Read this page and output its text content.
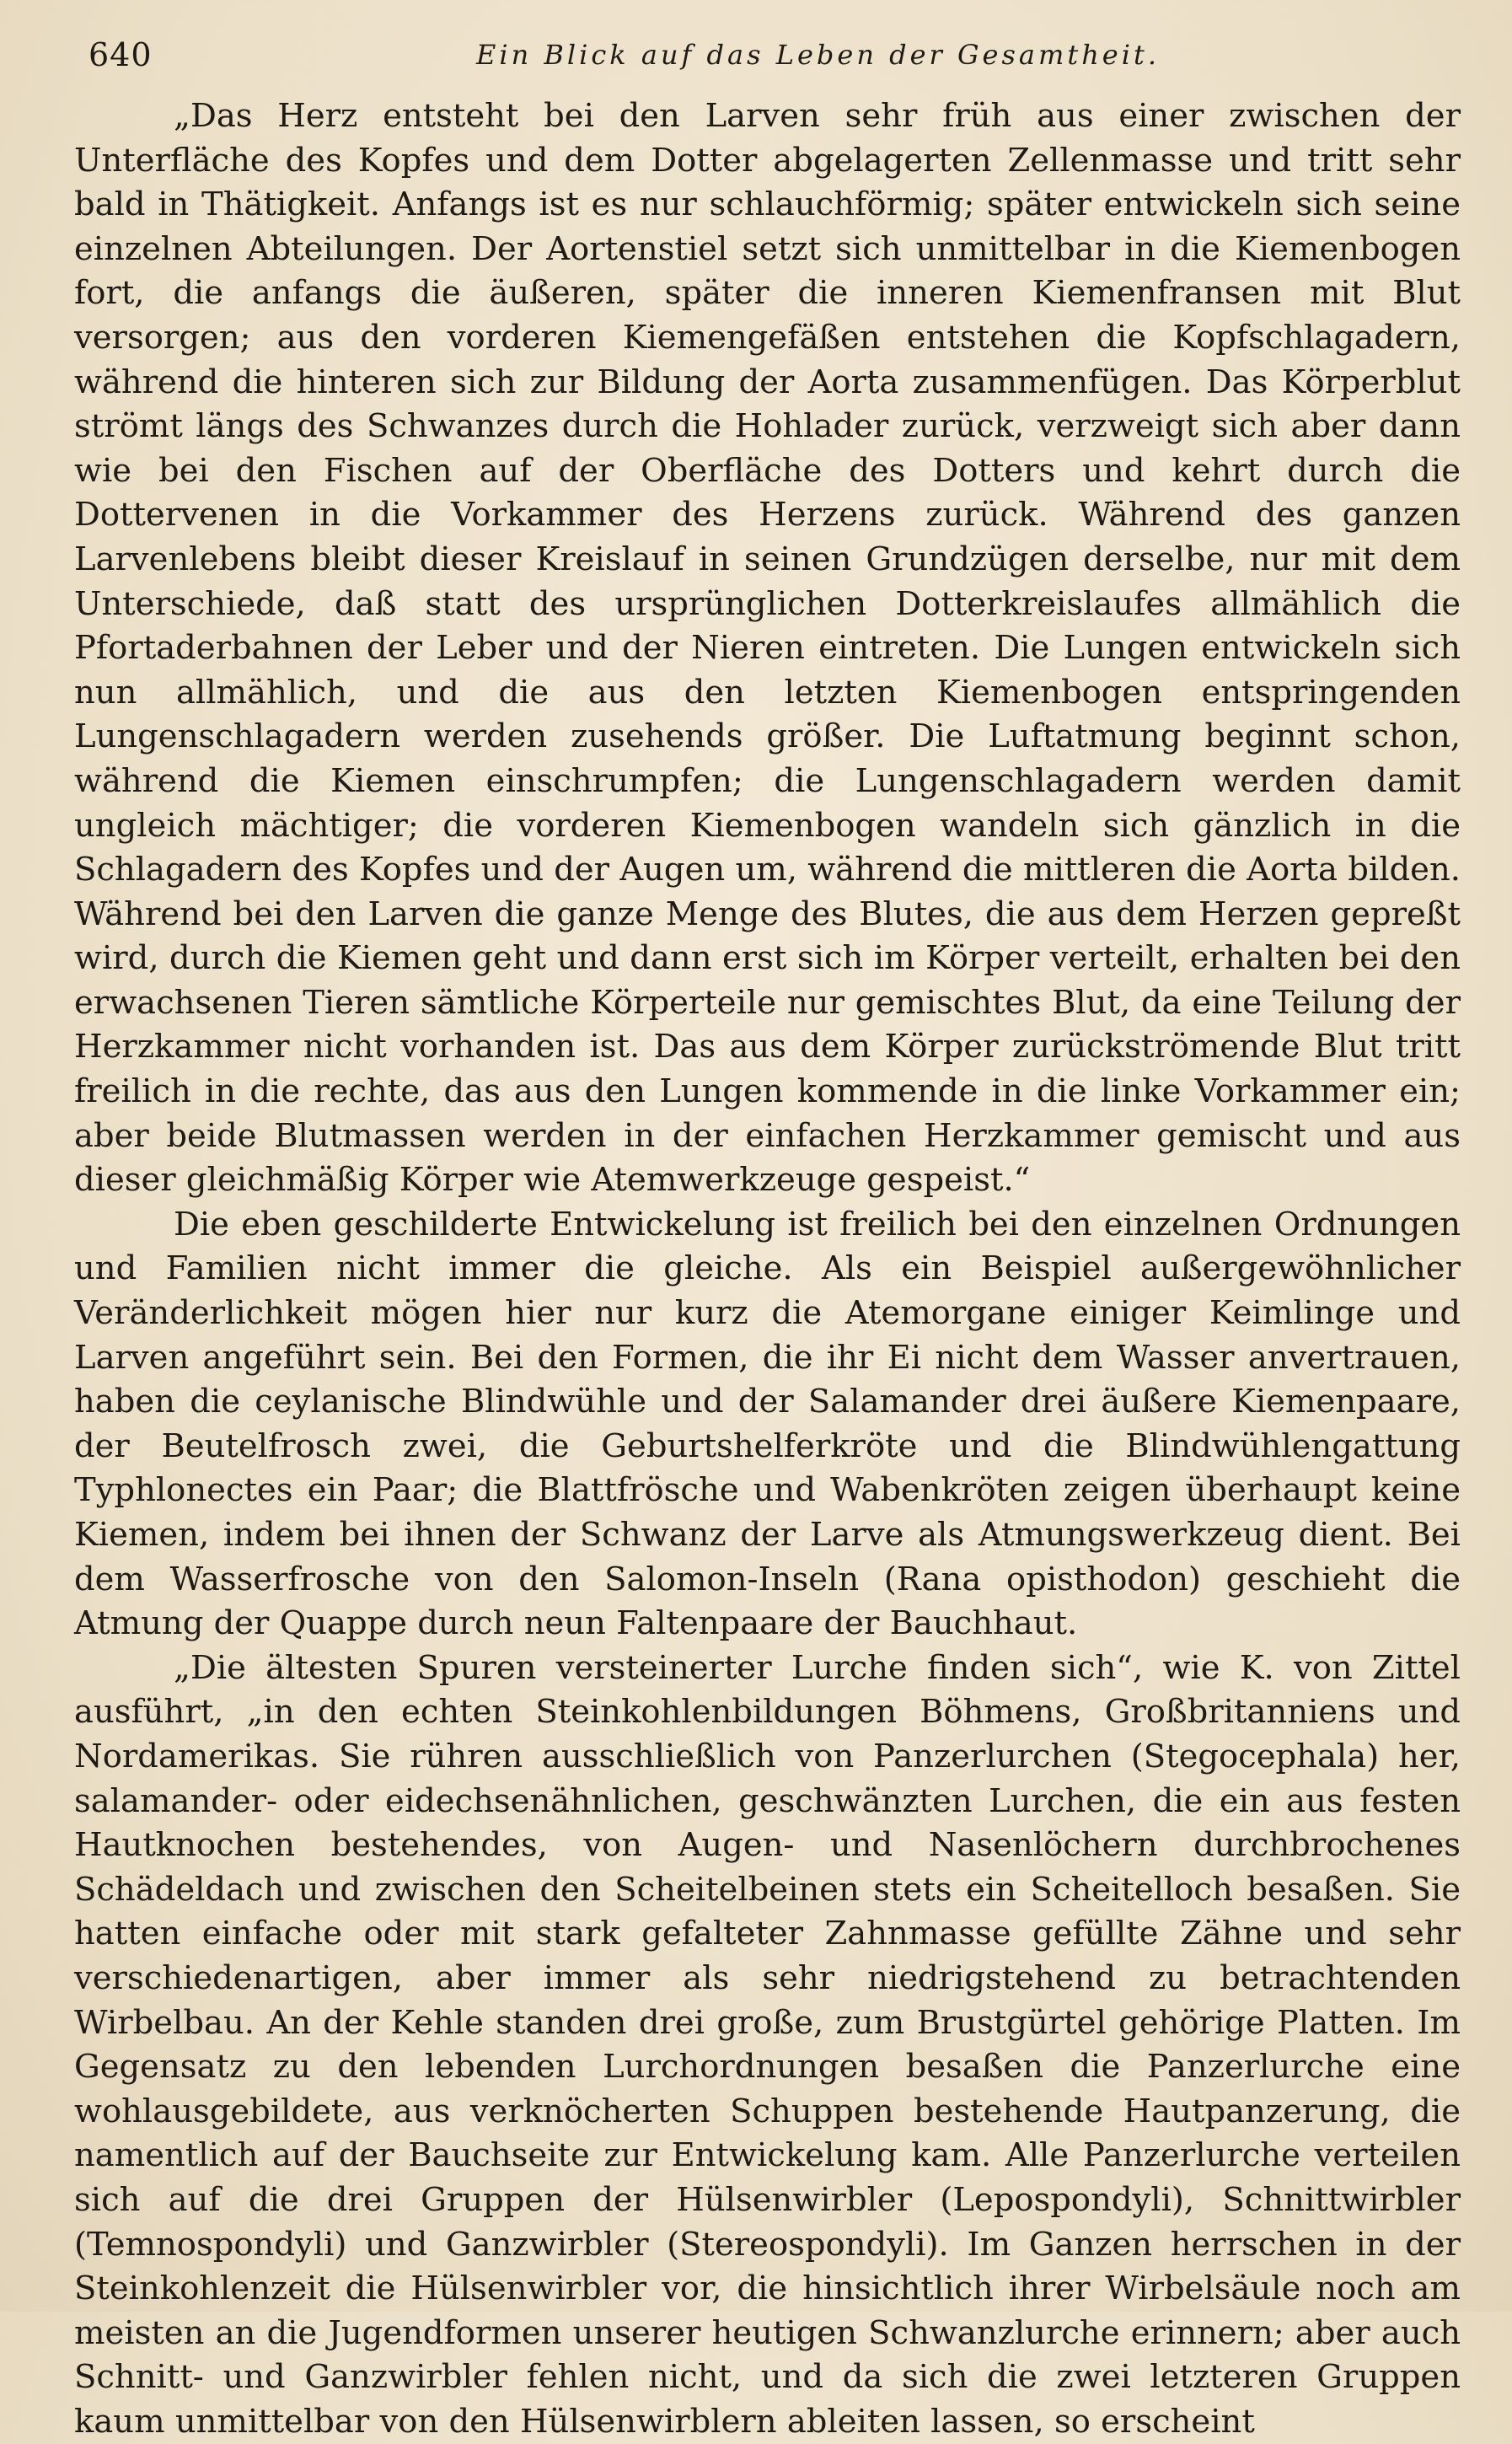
640	Ein Blick auf das Leben der Gesamtheit.

„Das Herz entsteht bei den Larven sehr früh aus einer zwischen der Unterfläche des Kopfes und dem Dotter abgelagerten Zellenmasse und tritt sehr bald in Thätigkeit. Anfangs ist es nur schlauchförmig; später entwickeln sich seine einzelnen Abteilungen. Der Aortenstiel setzt sich unmittelbar in die Kiemenbogen fort, die anfangs die äußeren, später die inneren Kiemenfransen mit Blut versorgen; aus den vorderen Kiemengefäßen entstehen die Kopfschlagadern, während die hinteren sich zur Bildung der Aorta zusammenfügen. Das Körperblut strömt längs des Schwanzes durch die Hohlader zurück, verzweigt sich aber dann wie bei den Fischen auf der Oberfläche des Dotters und kehrt durch die Dottervenen in die Vorkammer des Herzens zurück. Während des ganzen Larvenlebens bleibt dieser Kreislauf in seinen Grundzügen derselbe, nur mit dem Unterschiede, daß statt des ursprünglichen Dotterkreislaufes allmählich die Pfortaderbahnen der Leber und der Nieren eintreten. Die Lungen entwickeln sich nun allmählich, und die aus den letzten Kiemenbogen entspringenden Lungenschlagadern werden zusehends größer. Die Luftatmung beginnt schon, während die Kiemen einschrumpfen; die Lungenschlagadern werden damit ungleich mächtiger; die vorderen Kiemenbogen wandeln sich gänzlich in die Schlagadern des Kopfes und der Augen um, während die mittleren die Aorta bilden. Während bei den Larven die ganze Menge des Blutes, die aus dem Herzen gepreßt wird, durch die Kiemen geht und dann erst sich im Körper verteilt, erhalten bei den erwachsenen Tieren sämtliche Körperteile nur gemischtes Blut, da eine Teilung der Herzkammer nicht vorhanden ist. Das aus dem Körper zurückströmende Blut tritt freilich in die rechte, das aus den Lungen kommende in die linke Vorkammer ein; aber beide Blutmassen werden in der einfachen Herzkammer gemischt und aus dieser gleichmäßig Körper wie Atemwerkzeuge gespeist.“

Die eben geschilderte Entwickelung ist freilich bei den einzelnen Ordnungen und Familien nicht immer die gleiche. Als ein Beispiel außergewöhnlicher Veränderlichkeit mögen hier nur kurz die Atemorgane einiger Keimlinge und Larven angeführt sein. Bei den Formen, die ihr Ei nicht dem Wasser anvertrauen, haben die ceylanische Blindwühle und der Salamander drei äußere Kiemenpaare, der Beutelfrosch zwei, die Geburtshelferkröte und die Blindwühlengattung Typhlonectes ein Paar; die Blattfrösche und Wabenkröten zeigen überhaupt keine Kiemen, indem bei ihnen der Schwanz der Larve als Atmungswerkzeug dient. Bei dem Wasserfrosche von den Salomon-Inseln (Rana opisthodon) geschieht die Atmung der Quappe durch neun Faltenpaare der Bauchhaut.

„Die ältesten Spuren versteinerter Lurche finden sich“, wie K. von Zittel ausführt, „in den echten Steinkohlenbildungen Böhmens, Großbritanniens und Nordamerikas. Sie rühren ausschließlich von Panzerlurchen (Stegocephala) her, salamander- oder eidechsenähnlichen, geschwänzten Lurchen, die ein aus festen Hautknochen bestehendes, von Augen- und Nasenlöchern durchbrochenes Schädeldach und zwischen den Scheitelbeinen stets ein Scheitelloch besaßen. Sie hatten einfache oder mit stark gefalteter Zahnmasse gefüllte Zähne und sehr verschiedenartigen, aber immer als sehr niedrigstehend zu betrachtenden Wirbelbau. An der Kehle standen drei große, zum Brustgürtel gehörige Platten. Im Gegensatz zu den lebenden Lurchordnungen besaßen die Panzerlurche eine wohlausgebildete, aus verknöcherten Schuppen bestehende Hautpanzerung, die namentlich auf der Bauchseite zur Entwickelung kam. Alle Panzerlurche verteilen sich auf die drei Gruppen der Hülsenwirbler (Lepospondyli), Schnittwirbler (Temnospondyli) und Ganzwirbler (Stereospondyli). Im Ganzen herrschen in der Steinkohlenzeit die Hülsenwirbler vor, die hinsichtlich ihrer Wirbelsäule noch am meisten an die Jugendformen unserer heutigen Schwanzlurche erinnern; aber auch Schnitt- und Ganzwirbler fehlen nicht, und da sich die zwei letzteren Gruppen kaum unmittelbar von den Hülsenwirblern ableiten lassen, so erscheint
